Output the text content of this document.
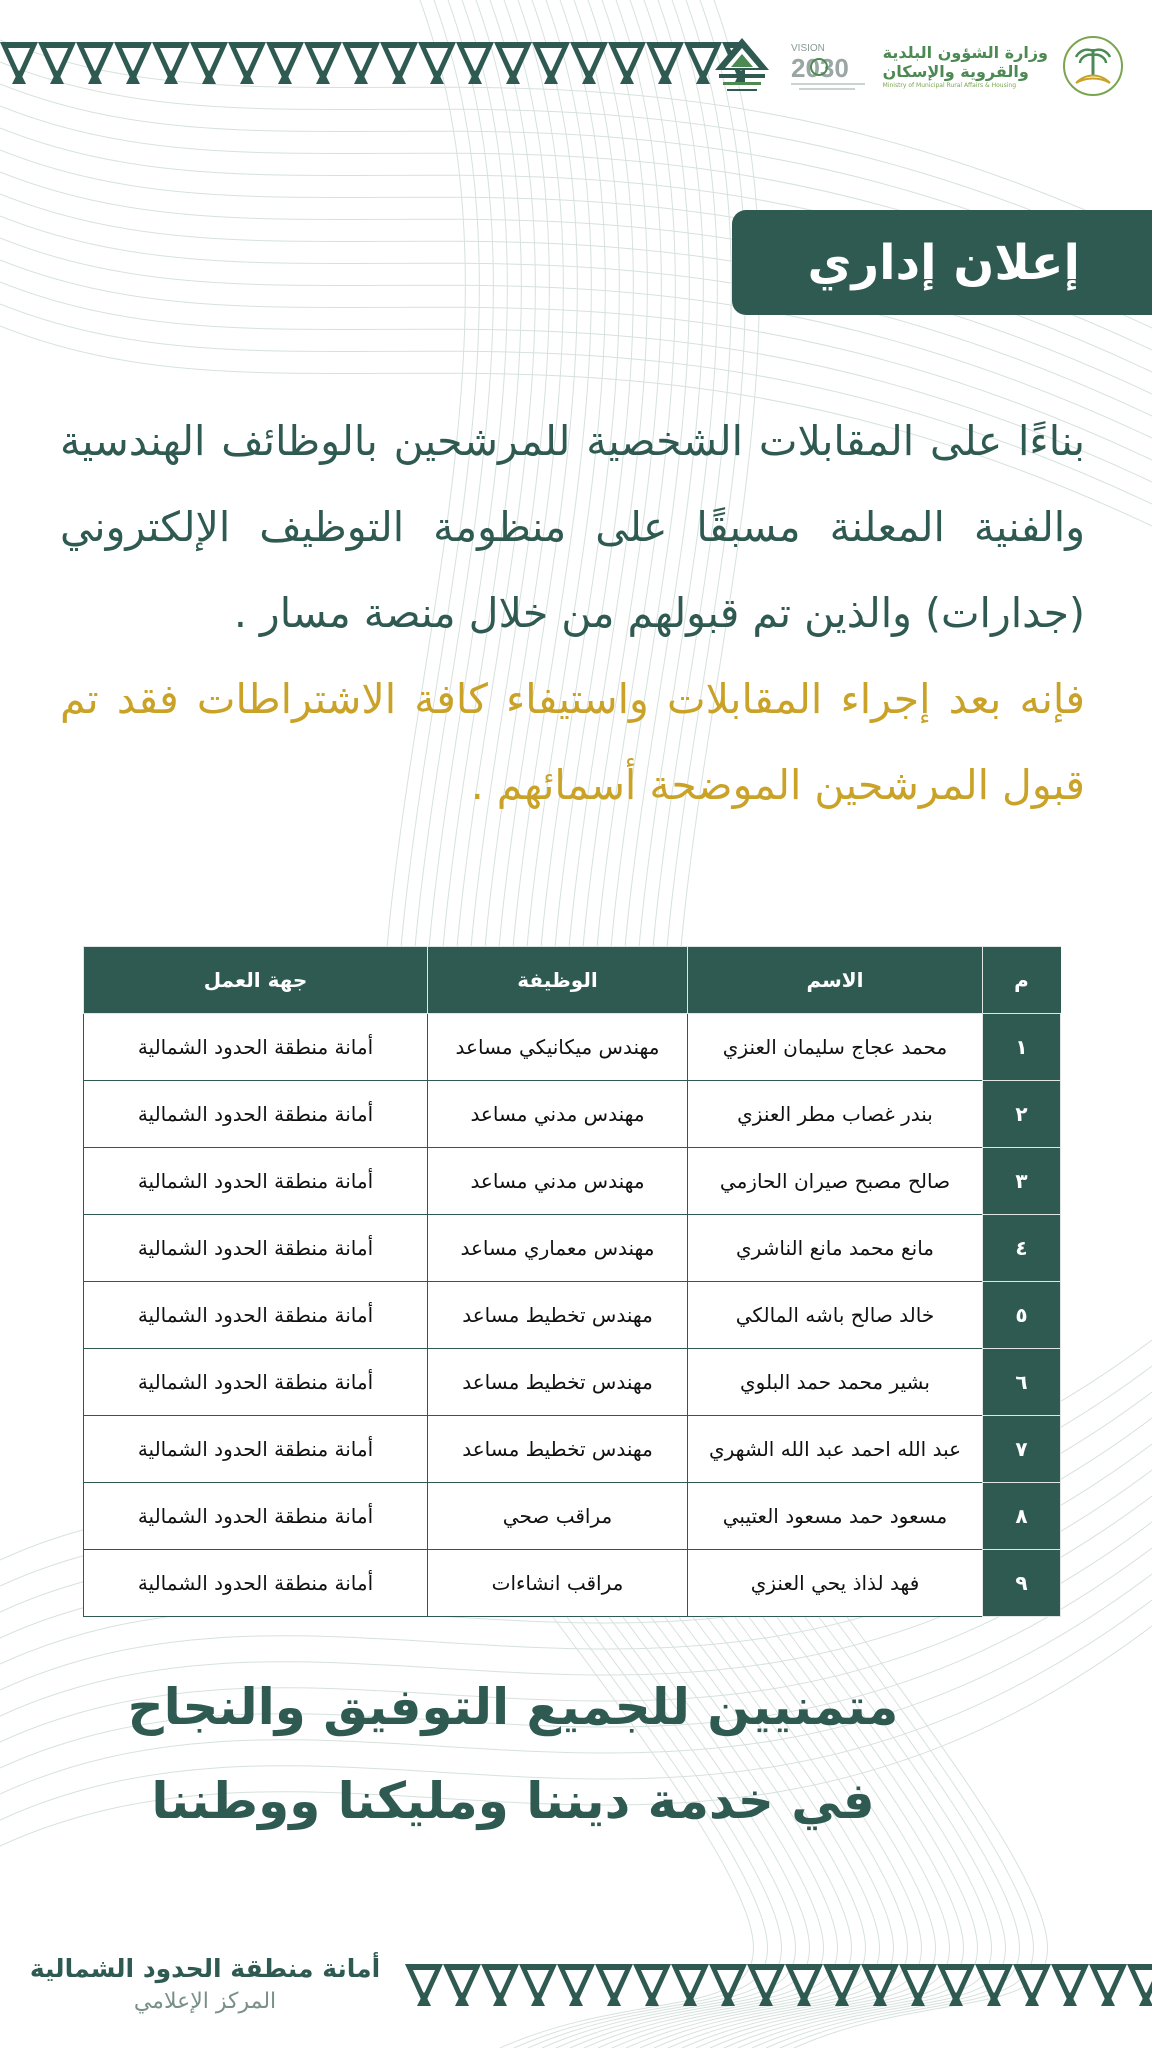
VISION
2030
وزارة الشؤون البلدية
والقروية والإسكان
Ministry of Municipal Rural Affairs & Housing
إعلان إداري

بناءًا على المقابلات الشخصية للمرشحين بالوظائف الهندسية والفنية المعلنة مسبقًا على منظومة التوظيف الإلكتروني (جدارات) والذين تم قبولهم من خلال منصة مسار .

فإنه بعد إجراء المقابلات واستيفاء كافة الاشتراطات فقد تم قبول المرشحين الموضحة أسمائهم .

م	الاسم	الوظيفة	جهة العمل
١	محمد عجاج سليمان العنزي	مهندس ميكانيكي مساعد	أمانة منطقة الحدود الشمالية
٢	بندر غصاب مطر العنزي	مهندس مدني مساعد	أمانة منطقة الحدود الشمالية
٣	صالح مصبح صيران الحازمي	مهندس مدني مساعد	أمانة منطقة الحدود الشمالية
٤	مانع محمد مانع الناشري	مهندس معماري مساعد	أمانة منطقة الحدود الشمالية
٥	خالد صالح باشه المالكي	مهندس تخطيط مساعد	أمانة منطقة الحدود الشمالية
٦	بشير محمد حمد البلوي	مهندس تخطيط مساعد	أمانة منطقة الحدود الشمالية
٧	عبد الله احمد عبد الله الشهري	مهندس تخطيط مساعد	أمانة منطقة الحدود الشمالية
٨	مسعود حمد مسعود العتيبي	مراقب صحي	أمانة منطقة الحدود الشمالية
٩	فهد لذاذ يحي العنزي	مراقب انشاءات	أمانة منطقة الحدود الشمالية

متمنيين للجميع التوفيق والنجاح

في خدمة ديننا ومليكنا ووطننا

أمانة منطقة الحدود الشمالية
المركز الإعلامي
